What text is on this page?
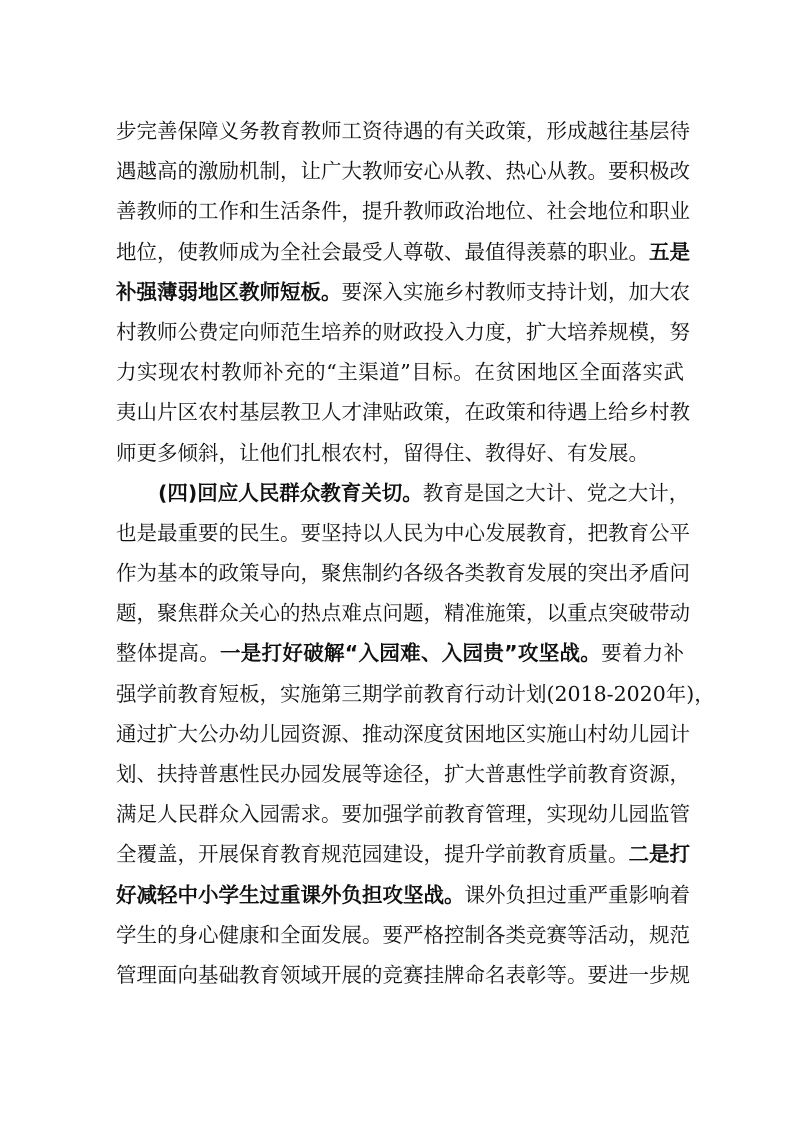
步完善保障义务教育教师工资待遇的有关政策，形成越往基层待
遇越高的激励机制，让广大教师安心从教、热心从教。要积极改
善教师的工作和生活条件，提升教师政治地位、社会地位和职业
地位，使教师成为全社会最受人尊敬、最值得羡慕的职业。五是
补强薄弱地区教师短板。要深入实施乡村教师支持计划，加大农
村教师公费定向师范生培养的财政投入力度，扩大培养规模，努
力实现农村教师补充的“主渠道”目标。在贫困地区全面落实武
夷山片区农村基层教卫人才津贴政策，在政策和待遇上给乡村教
师更多倾斜，让他们扎根农村，留得住、教得好、有发展。
(四)回应人民群众教育关切。教育是国之大计、党之大计，
也是最重要的民生。要坚持以人民为中心发展教育，把教育公平
作为基本的政策导向，聚焦制约各级各类教育发展的突出矛盾问
题，聚焦群众关心的热点难点问题，精准施策，以重点突破带动
整体提高。一是打好破解“入园难、入园贵”攻坚战。要着力补
强学前教育短板，实施第三期学前教育行动计划(2018-2020年)，
通过扩大公办幼儿园资源、推动深度贫困地区实施山村幼儿园计
划、扶持普惠性民办园发展等途径，扩大普惠性学前教育资源，
满足人民群众入园需求。要加强学前教育管理，实现幼儿园监管
全覆盖，开展保育教育规范园建设，提升学前教育质量。二是打
好减轻中小学生过重课外负担攻坚战。课外负担过重严重影响着
学生的身心健康和全面发展。要严格控制各类竞赛等活动，规范
管理面向基础教育领域开展的竞赛挂牌命名表彰等。要进一步规
